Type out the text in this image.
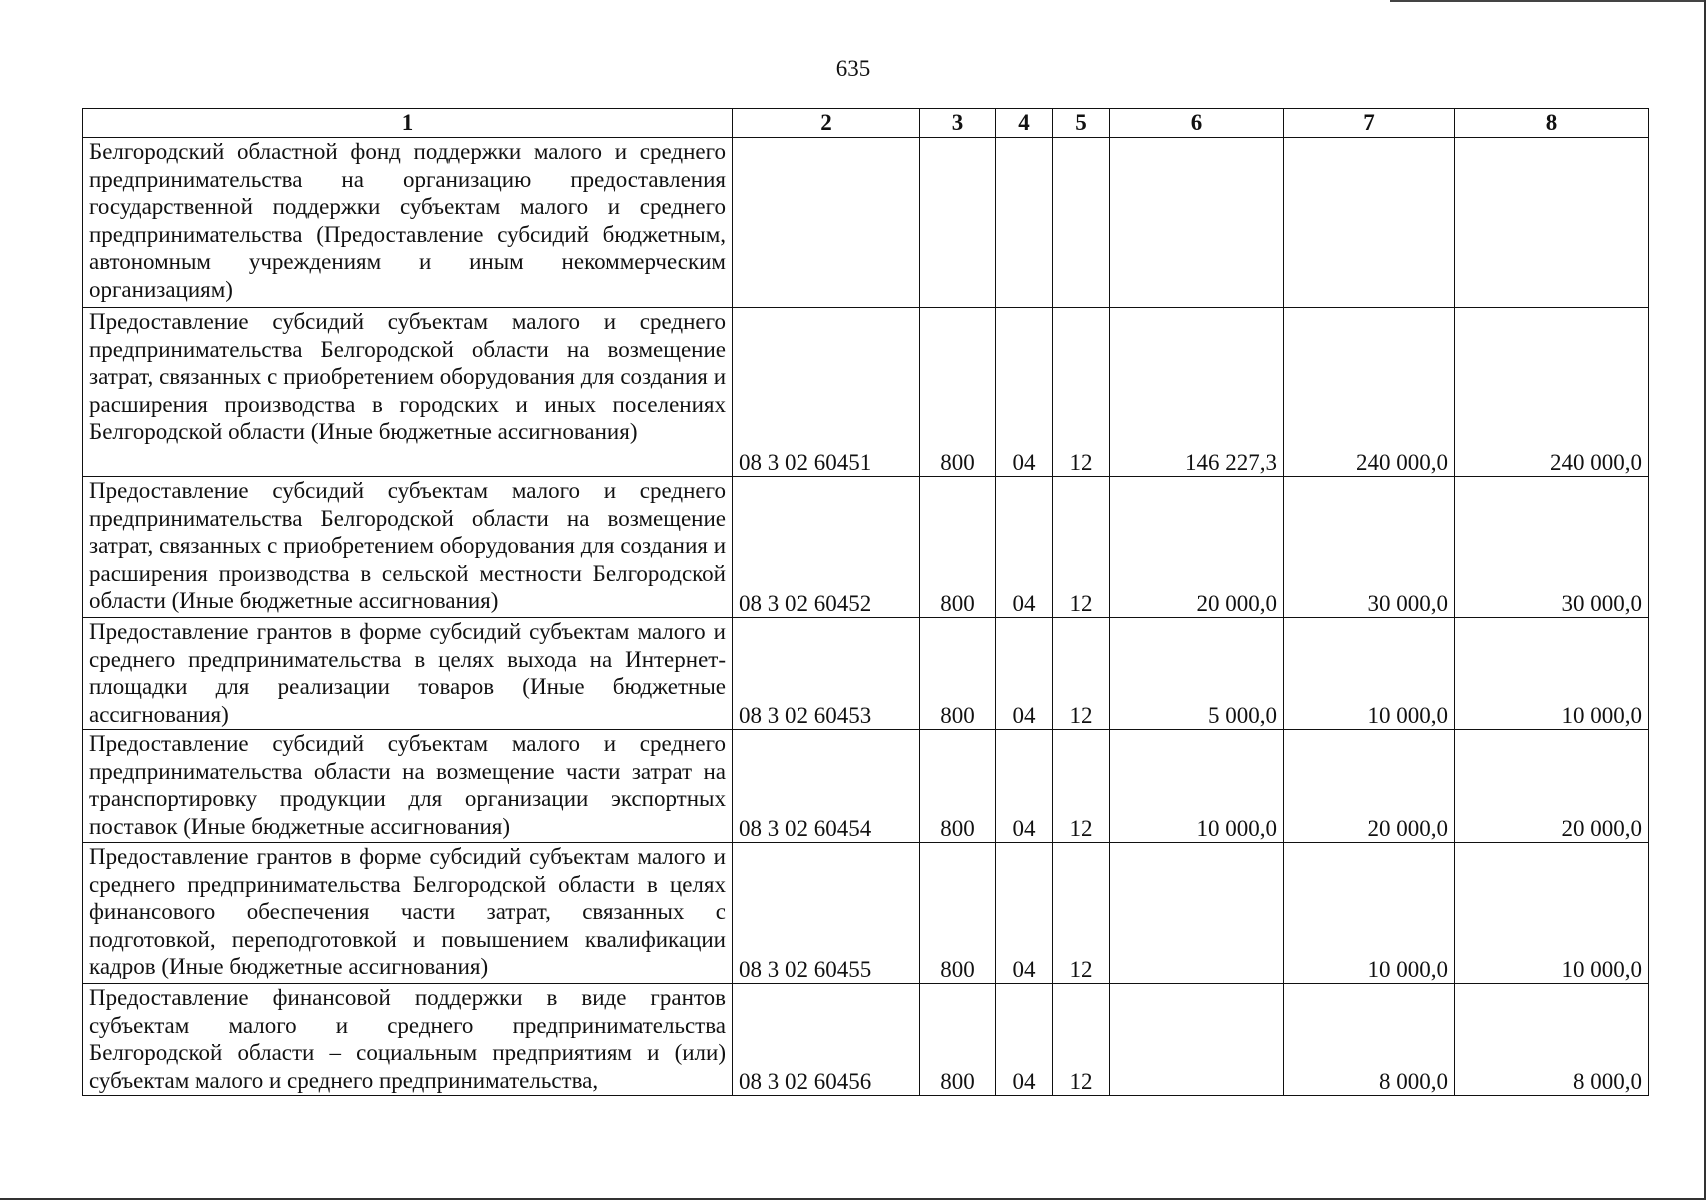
635
1	2	3	4	5	6	7	8
Белгородский областной фонд поддержки малого и среднего предпринимательства на организацию предоставления государственной поддержки субъектам малого и среднего предпринимательства (Предоставление субсидий бюджетным, автономным учреждениям и иным некоммерческим организациям)							
Предоставление субсидий субъектам малого и среднего предпринимательства Белгородской области на возмещение затрат, связанных с приобретением оборудования для создания и расширения производства в городских и иных поселениях Белгородской области (Иные бюджетные ассигнования)	08 3 02 60451	800	04	12	146 227,3	240 000,0	240 000,0
Предоставление субсидий субъектам малого и среднего предпринимательства Белгородской области на возмещение затрат, связанных с приобретением оборудования для создания и расширения производства в сельской местности Белгородской области (Иные бюджетные ассигнования)	08 3 02 60452	800	04	12	20 000,0	30 000,0	30 000,0
Предоставление грантов в форме субсидий субъектам малого и среднего предпринимательства в целях выхода на Интернет-площадки для реализации товаров (Иные бюджетные ассигнования)	08 3 02 60453	800	04	12	5 000,0	10 000,0	10 000,0
Предоставление субсидий субъектам малого и среднего предпринимательства области на возмещение части затрат на транспортировку продукции для организации экспортных поставок (Иные бюджетные ассигнования)	08 3 02 60454	800	04	12	10 000,0	20 000,0	20 000,0
Предоставление грантов в форме субсидий субъектам малого и среднего предпринимательства Белгородской области в целях финансового обеспечения части затрат, связанных с подготовкой, переподготовкой и повышением квалификации кадров (Иные бюджетные ассигнования)	08 3 02 60455	800	04	12		10 000,0	10 000,0
Предоставление финансовой поддержки в виде грантов субъектам малого и среднего предпринимательства Белгородской области – социальным предприятиям и (или) субъектам малого и среднего предпринимательства,	08 3 02 60456	800	04	12		8 000,0	8 000,0
